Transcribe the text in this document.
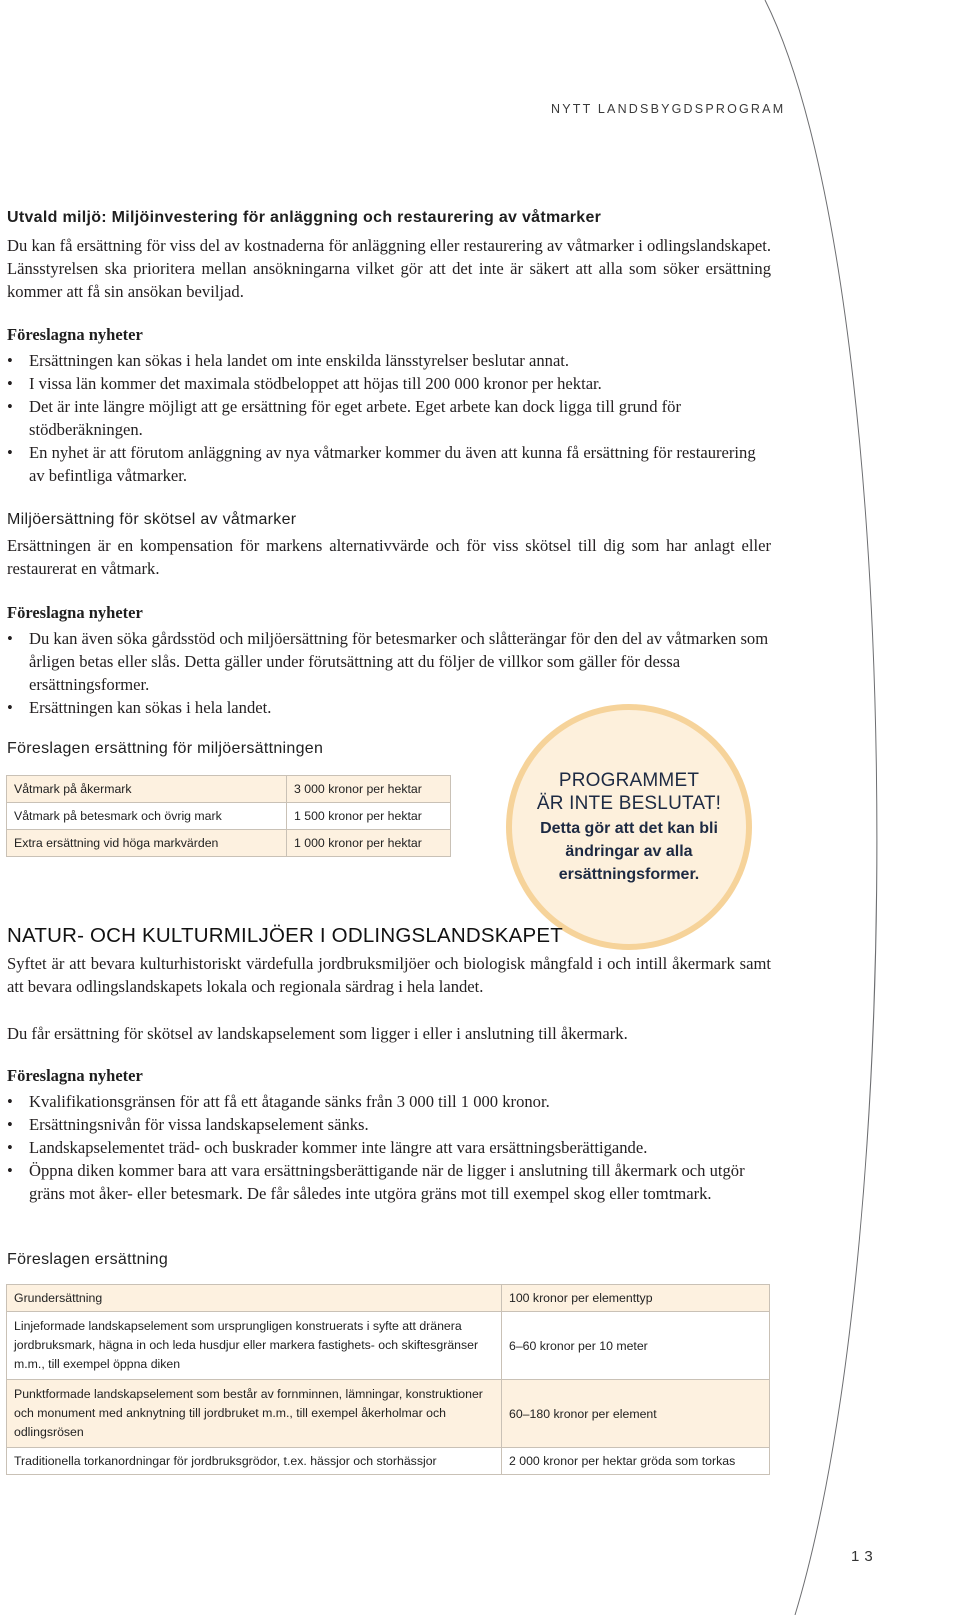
NYTT LANDSBYGDSPROGRAM
Utvald miljö: Miljöinvestering för anläggning och restaurering av våtmarker

Du kan få ersättning för viss del av kostnaderna för anläggning eller restaurering av våtmarker i odlingslandskapet. Länsstyrelsen ska prioritera mellan ansökningarna vilket gör att det inte är säkert att alla som söker ersättning kommer att få sin ansökan beviljad.

Föreslagna nyheter
• Ersättningen kan sökas i hela landet om inte enskilda länsstyrelser beslutar annat.
• I vissa län kommer det maximala stödbeloppet att höjas till 200 000 kronor per hektar.
• Det är inte längre möjligt att ge ersättning för eget arbete. Eget arbete kan dock ligga till grund för stödberäkningen.
• En nyhet är att förutom anläggning av nya våtmarker kommer du även att kunna få ersättning för restaurering av befintliga våtmarker.
Miljöersättning för skötsel av våtmarker

Ersättningen är en kompensation för markens alternativvärde och för viss skötsel till dig som har anlagt eller restaurerat en våtmark.

Föreslagna nyheter
• Du kan även söka gårdsstöd och miljöersättning för betesmarker och slåtterängar för den del av våtmarken som årligen betas eller slås. Detta gäller under förutsättning att du följer de villkor som gäller för dessa ersättningsformer.
• Ersättningen kan sökas i hela landet.
Föreslagen ersättning för miljöersättningen
Våtmark på åkermark	3 000 kronor per hektar
Våtmark på betesmark och övrig mark	1 500 kronor per hektar
Extra ersättning vid höga markvärden	1 000 kronor per hektar
PROGRAMMET
ÄR INTE BESLUTAT!
Detta gör att det kan bli ändringar av alla ersättningsformer.
NATUR- OCH KULTURMILJÖER I ODLINGSLANDSKAPET

Syftet är att bevara kulturhistoriskt värdefulla jordbruksmiljöer och biologisk mångfald i och intill åkermark samt att bevara odlingslandskapets lokala och regionala särdrag i hela landet.

Du får ersättning för skötsel av landskapselement som ligger i eller i anslutning till åkermark.

Föreslagna nyheter
• Kvalifikationsgränsen för att få ett åtagande sänks från 3 000 till 1 000 kronor.
• Ersättningsnivån för vissa landskapselement sänks.
• Landskapselementet träd- och buskrader kommer inte längre att vara ersättningsberättigande.
• Öppna diken kommer bara att vara ersättningsberättigande när de ligger i anslutning till åkermark och utgör gräns mot åker- eller betesmark. De får således inte utgöra gräns mot till exempel skog eller tomtmark.
Föreslagen ersättning
Grundersättning	100 kronor per elementtyp
Linjeformade landskapselement som ursprungligen konstruerats i syfte att dränera jordbruksmark, hägna in och leda husdjur eller markera fastighets- och skiftesgränser m.m., till exempel öppna diken	6–60 kronor per 10 meter
Punktformade landskapselement som består av fornminnen, lämningar, konstruktioner och monument med anknytning till jordbruket m.m., till exempel åkerholmar och odlingsrösen	60–180 kronor per element
Traditionella torkanordningar för jordbruksgrödor, t.ex. hässjor och storhässjor	2 000 kronor per hektar gröda som torkas
13
